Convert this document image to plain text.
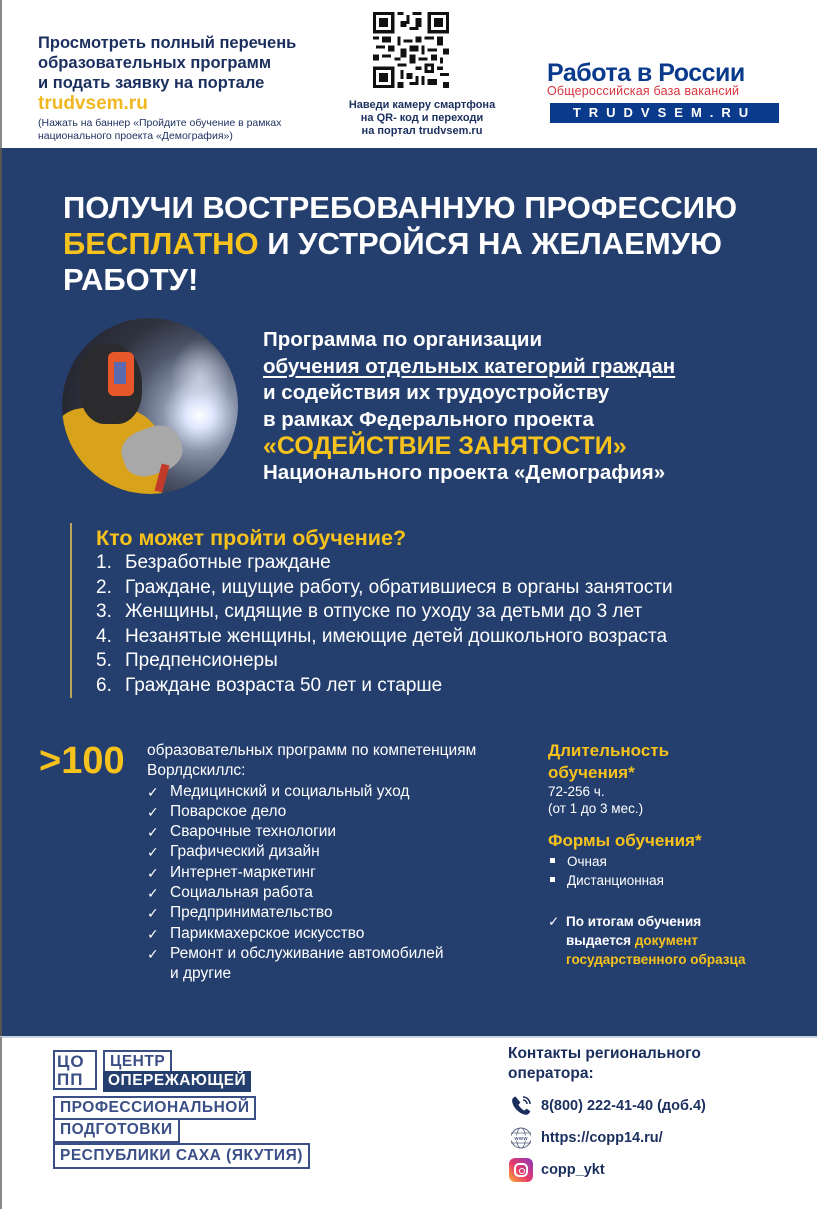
Просмотреть полный перечень
образовательных программ
и подать заявку на портале
trudvsem.ru
(Нажать на баннер «Пройдите обучение в рамках национального проекта «Демография»)
Наведи камеру смартфона
на QR- код и переходи
на портал trudvsem.ru
Работа в России
Общероссийская база вакансий
TRUDVSEM.RU
ПОЛУЧИ ВОСТРЕБОВАННУЮ ПРОФЕССИЮ
БЕСПЛАТНО И УСТРОЙСЯ НА ЖЕЛАЕМУЮ
РАБОТУ!
Программа по организации
обучения отдельных категорий граждан
и содействия их трудоустройству
в рамках Федерального проекта
«СОДЕЙСТВИЕ ЗАНЯТОСТИ»
Национального проекта «Демография»
Кто может пройти обучение?
1. Безработные граждане
2. Граждане, ищущие работу, обратившиеся в органы занятости
3. Женщины, сидящие в отпуске по уходу за детьми до 3 лет
4. Незанятые женщины, имеющие детей дошкольного возраста
5. Предпенсионеры
6. Граждане возраста 50 лет и старше
>100 образовательных программ по компетенциям
Ворлдскиллс:
✓ Медицинский и социальный уход
✓ Поварское дело
✓ Сварочные технологии
✓ Графический дизайн
✓ Интернет-маркетинг
✓ Социальная работа
✓ Предпринимательство
✓ Парикмахерское искусство
✓ Ремонт и обслуживание автомобилей
и другие
Длительность
обучения*
72-256 ч.
(от 1 до 3 мес.)
Формы обучения*
Очная
Дистанционная
✓ По итогам обучения
выдается документ
государственного образца
ЦО
ПП
ЦЕНТР
ОПЕРЕЖАЮЩЕЙ
ПРОФЕССИОНАЛЬНОЙ
ПОДГОТОВКИ
РЕСПУБЛИКИ САХА (ЯКУТИЯ)
Контакты регионального
оператора:
8(800) 222-41-40 (доб.4)
www https://copp14.ru/
copp_ykt
